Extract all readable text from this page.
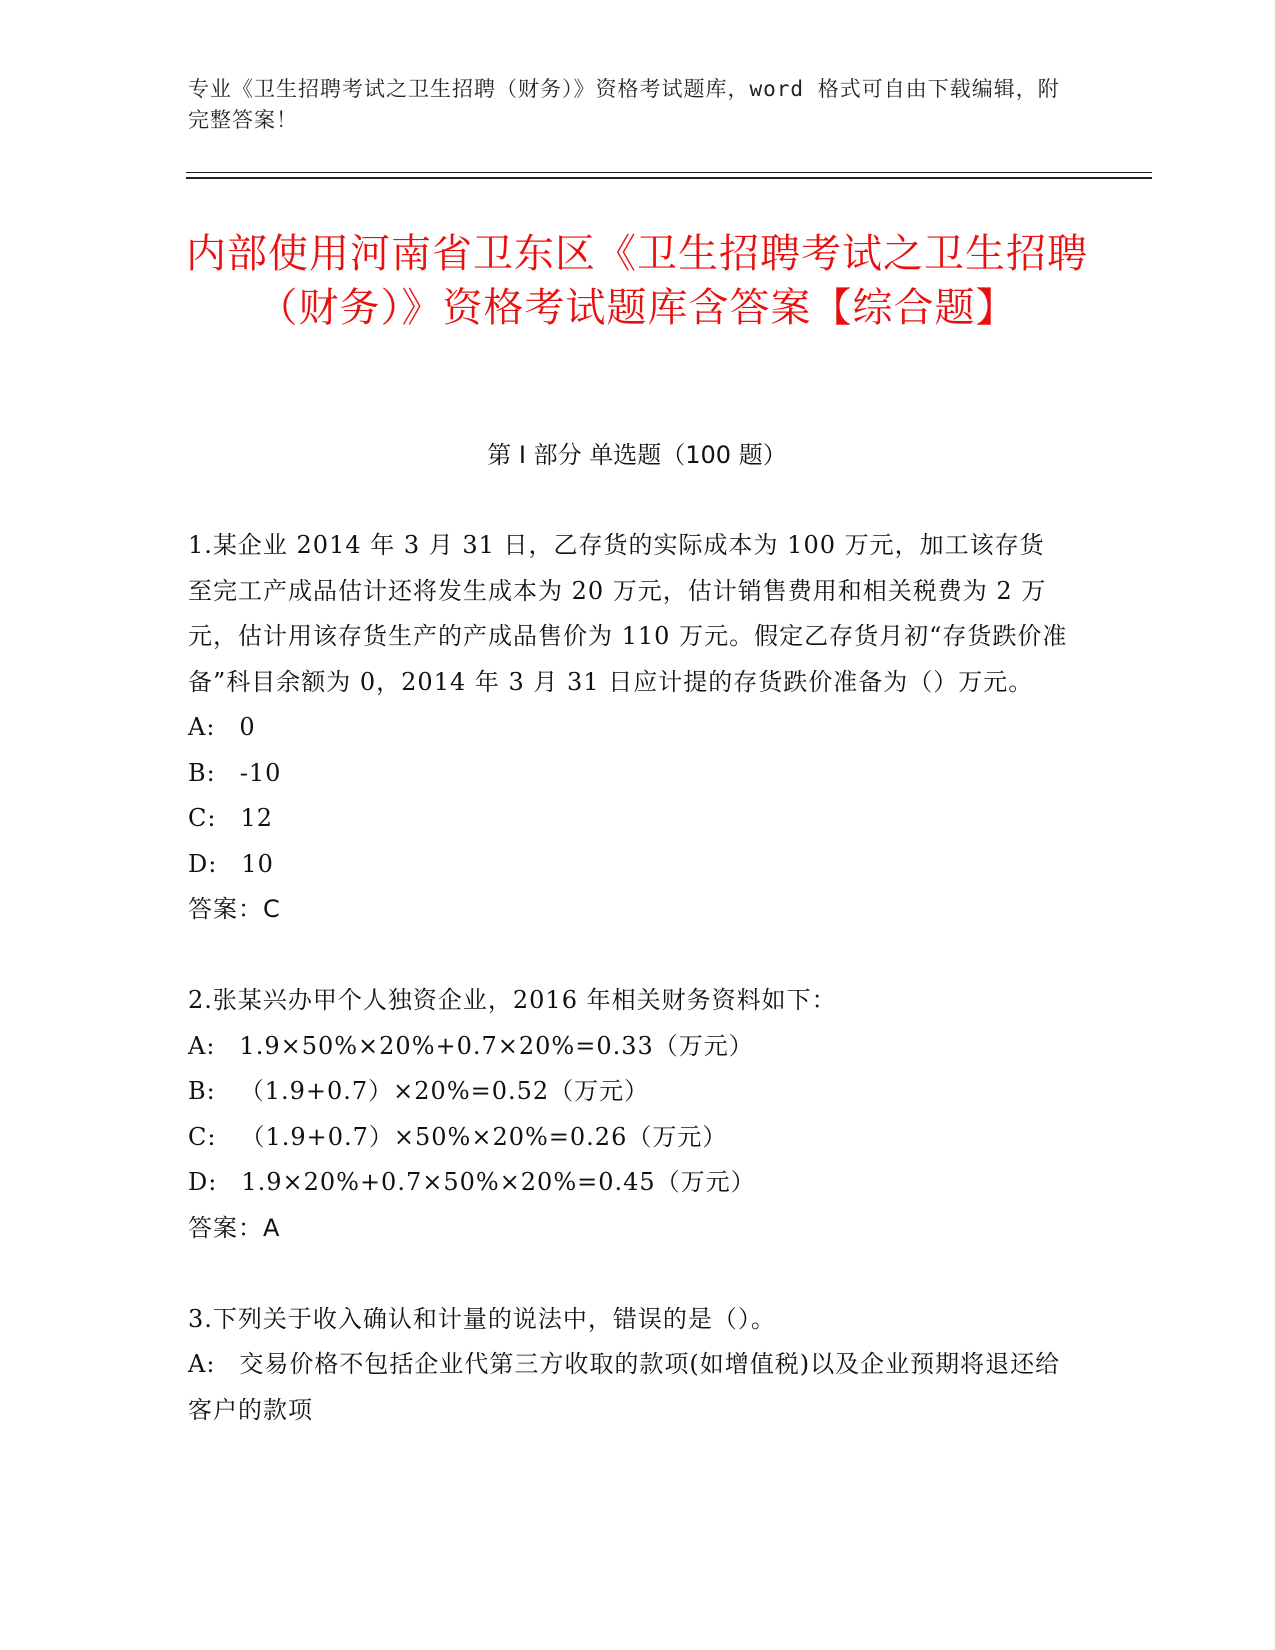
专业《卫生招聘考试之卫生招聘（财务）》资格考试题库，word 格式可自由下载编辑，附完整答案！
内部使用河南省卫东区《卫生招聘考试之卫生招聘（财务）》资格考试题库含答案【综合题】
第 I 部分 单选题（100 题）

1.某企业 2014 年 3 月 31 日，乙存货的实际成本为 100 万元，加工该存货至完工产成品估计还将发生成本为 20 万元，估计销售费用和相关税费为 2 万元，估计用该存货生产的产成品售价为 110 万元。假定乙存货月初“存货跌价准备”科目余额为 0，2014 年 3 月 31 日应计提的存货跌价准备为（）万元。

A: 0

B: -10

C: 12

D: 10

答案：C

2.张某兴办甲个人独资企业，2016 年相关财务资料如下：

A: 1.9×50%×20%+0.7×20%=0.33（万元）

B: （1.9+0.7）×20%=0.52（万元）

C: （1.9+0.7）×50%×20%=0.26（万元）

D: 1.9×20%+0.7×50%×20%=0.45（万元）

答案：A

3.下列关于收入确认和计量的说法中，错误的是（）。

A: 交易价格不包括企业代第三方收取的款项(如增值税)以及企业预期将退还给客户的款项
